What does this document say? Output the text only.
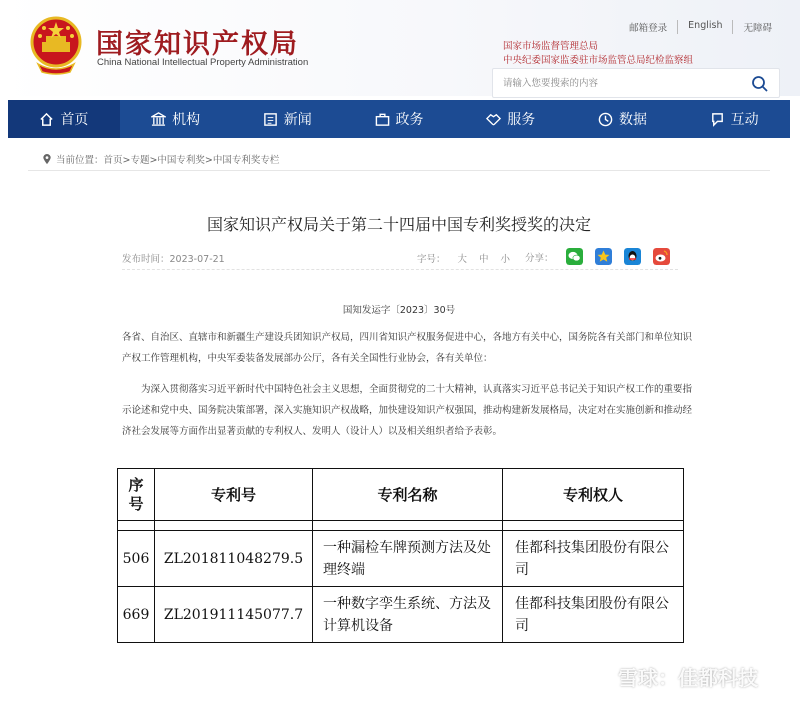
国家知识产权局
China National Intellectual Property Administration
邮箱登录	English	无障碍
国家市场监督管理总局
中央纪委国家监委驻市场监管总局纪检监察组
请输入您要搜索的内容
首页	机构	新闻	政务	服务	数据	互动
当前位置：首页>专题>中国专利奖>中国专利奖专栏
国家知识产权局关于第二十四届中国专利奖授奖的决定
发布时间：2023-07-21	字号： 大 中 小 分享：
国知发运字〔2023〕30号
各省、自治区、直辖市和新疆生产建设兵团知识产权局，四川省知识产权服务促进中心，各地方有关中心，国务院各有关部门和单位知识产权工作管理机构，中央军委装备发展部办公厅，各有关全国性行业协会，各有关单位：
为深入贯彻落实习近平新时代中国特色社会主义思想，全面贯彻党的二十大精神，认真落实习近平总书记关于知识产权工作的重要指示论述和党中央、国务院决策部署，深入实施知识产权战略，加快建设知识产权强国，推动构建新发展格局，决定对在实施创新和推动经济社会发展等方面作出显著贡献的专利权人、发明人（设计人）以及相关组织者给予表彰。
序号	专利号	专利名称	专利权人

506	ZL201811048279.5	一种漏检车牌预测方法及处理终端	佳都科技集团股份有限公司
669	ZL201911145077.7	一种数字孪生系统、方法及计算机设备	佳都科技集团股份有限公司
雪球：佳都科技
